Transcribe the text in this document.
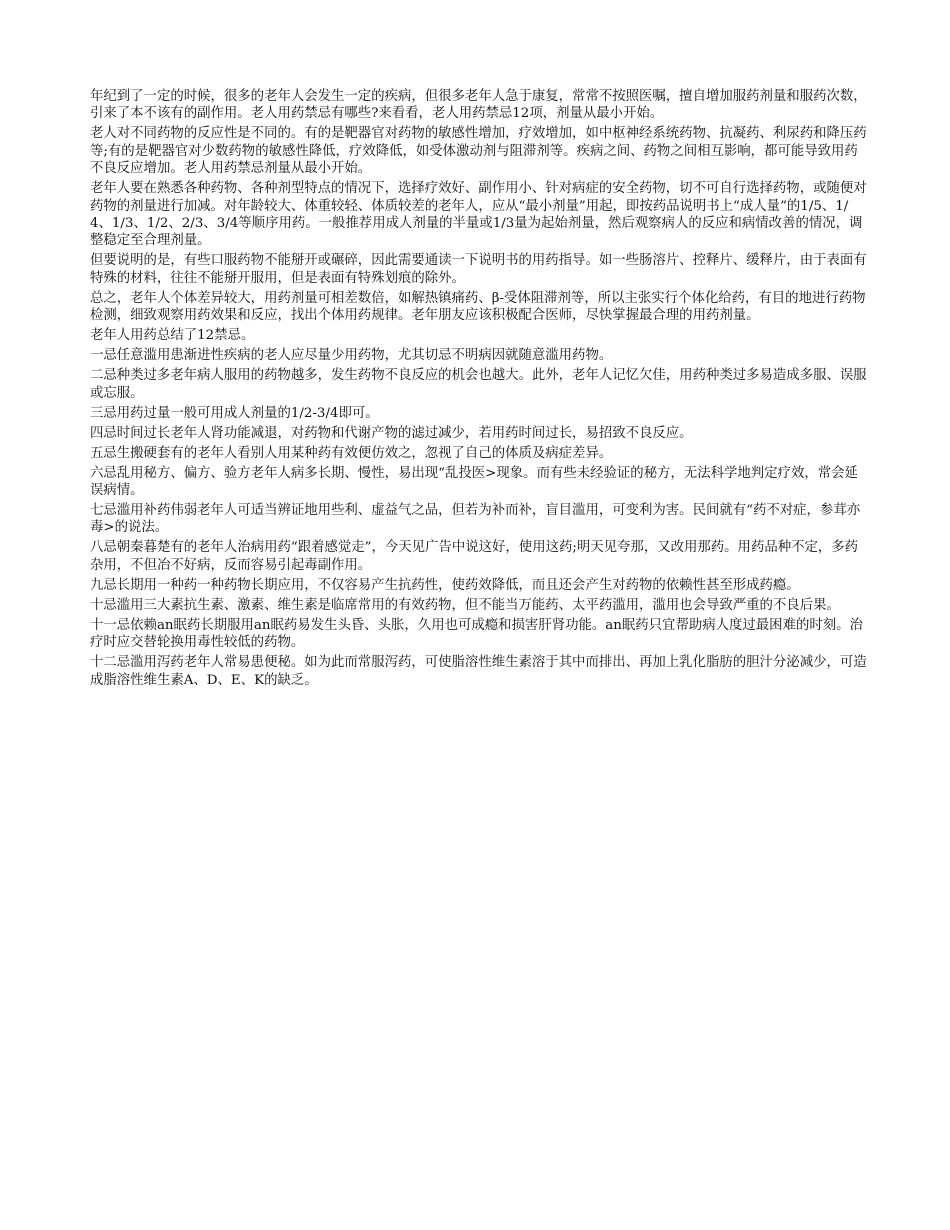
年纪到了一定的时候，很多的老年人会发生一定的疾病，但很多老年人急于康复，常常不按照医嘱，擅自增加服药剂量和服药次数，引来了本不该有的副作用。老人用药禁忌有哪些?来看看，老人用药禁忌12项，剂量从最小开始。

老人对不同药物的反应性是不同的。有的是靶器官对药物的敏感性增加，疗效增加，如中枢神经系统药物、抗凝药、利尿药和降压药等;有的是靶器官对少数药物的敏感性降低，疗效降低，如受体激动剂与阻滞剂等。疾病之间、药物之间相互影响，都可能导致用药不良反应增加。老人用药禁忌剂量从最小开始。

老年人要在熟悉各种药物、各种剂型特点的情况下，选择疗效好、副作用小、针对病症的安全药物，切不可自行选择药物，或随便对药物的剂量进行加减。对年龄较大、体重较轻、体质较差的老年人，应从“最小剂量”用起，即按药品说明书上“成人量”的1/5、1/4、1/3、1/2、2/3、3/4等顺序用药。一般推荐用成人剂量的半量或1/3量为起始剂量，然后观察病人的反应和病情改善的情况，调整稳定至合理剂量。

但要说明的是，有些口服药物不能掰开或碾碎，因此需要通读一下说明书的用药指导。如一些肠溶片、控释片、缓释片，由于表面有特殊的材料，往往不能掰开服用，但是表面有特殊划痕的除外。

总之，老年人个体差异较大，用药剂量可相差数倍，如解热镇痛药、β-受体阻滞剂等，所以主张实行个体化给药，有目的地进行药物检测，细致观察用药效果和反应，找出个体用药规律。老年朋友应该积极配合医师，尽快掌握最合理的用药剂量。

老年人用药总结了12禁忌。

一忌任意滥用患渐进性疾病的老人应尽量少用药物，尤其切忌不明病因就随意滥用药物。

二忌种类过多老年病人服用的药物越多，发生药物不良反应的机会也越大。此外，老年人记忆欠佳，用药种类过多易造成多服、误服或忘服。

三忌用药过量一般可用成人剂量的1/2-3/4即可。

四忌时间过长老年人肾功能减退，对药物和代谢产物的滤过减少，若用药时间过长，易招致不良反应。

五忌生搬硬套有的老年人看别人用某种药有效便仿效之，忽视了自己的体质及病症差异。

六忌乱用秘方、偏方、验方老年人病多长期、慢性，易出现“乱投医>现象。而有些未经验证的秘方，无法科学地判定疗效，常会延误病情。

七忌滥用补药伟弱老年人可适当辨证地用些利、虚益气之品，但若为补而补，盲目滥用，可变利为害。民间就有“药不对症，参茸亦毒>的说法。

八忌朝秦暮楚有的老年人治病用药“跟着感觉走”，今天见广告中说这好，使用这药;明天见夸那，又改用那药。用药品种不定，多药杂用，不但冶不好病，反而容易引起毒副作用。

九忌长期用一种药一种药物长期应用，不仅容易产生抗药性，使药效降低，而且还会产生对药物的依赖性甚至形成药瘾。

十忌滥用三大素抗生素、激素、维生素是临席常用的有效药物，但不能当万能药、太平药滥用，滥用也会导致严重的不良后果。

十一忌依赖an眠药长期服用an眠药易发生头昏、头胀，久用也可成瘾和损害肝肾功能。an眠药只宜帮助病人度过最困难的时刻。治疗时应交替轮换用毒性较低的药物。

十二忌滥用泻药老年人常易患便秘。如为此而常服泻药，可使脂溶性维生素溶于其中而排出、再加上乳化脂肪的胆汁分泌减少，可造成脂溶性维生素A、D、E、K的缺乏。
